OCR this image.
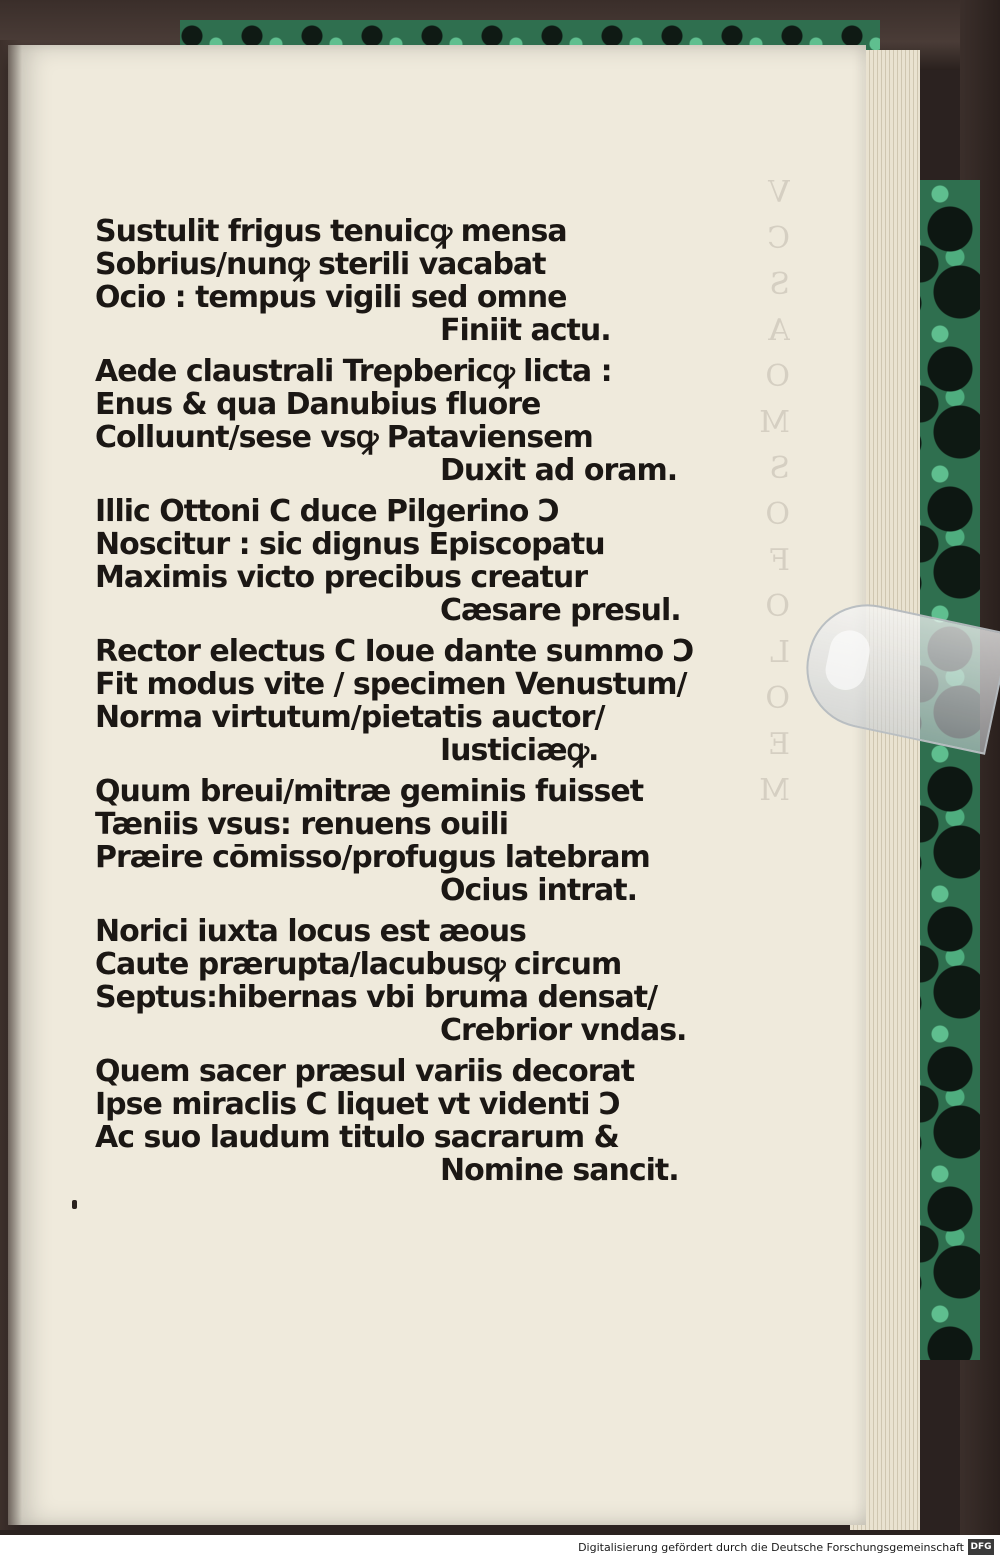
V
C
S
A
O
M
S
O
F
O
L
O
E
M
Sustulit frigus tenuicꝙ mensa
Sobrius/nunꝙ sterili vacabat
Ocio : tempus vigili sed omne
Finiit actu.
Aede claustrali Trepbericꝙ licta :
Enus & qua Danubius fluore
Colluunt/sese vsꝙ Pataviensem
Duxit ad oram.
Illic Ottoni C duce Pilgerino Ↄ
Noscitur : sic dignus Episcopatu
Maximis victo precibus creatur
Cæsare presul.
Rector electus C Ioue dante summo Ↄ
Fit modus vite / specimen Venustum/
Norma virtutum/pietatis auctor/
Iusticiæꝙ.
Quum breui/mitræ geminis fuisset
Tæniis vsus: renuens ouili
Præire cōmisso/profugus latebram
Ocius intrat.
Norici iuxta locus est æous
Caute prærupta/lacubusꝙ circum
Septus:hibernas vbi bruma densat/
Crebrior vndas.
Quem sacer præsul variis decorat
Ipse miraclis C liquet vt videnti Ↄ
Ac suo laudum titulo sacrarum &
Nomine sancit.
Digitalisierung gefördert durch die Deutsche Forschungsgemeinschaft DFG
